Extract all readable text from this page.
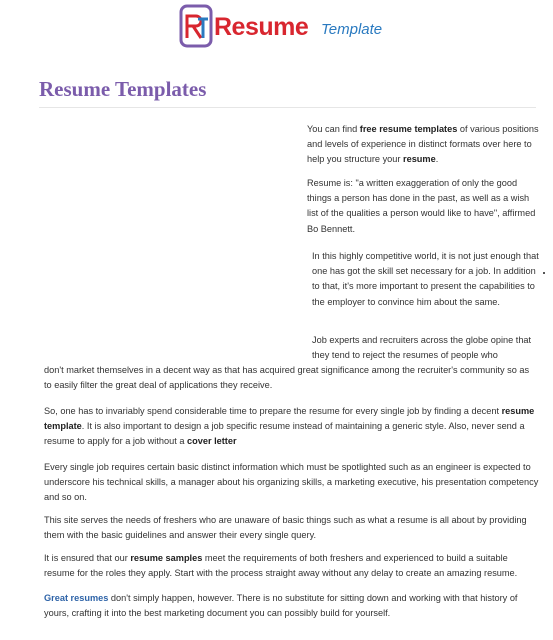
Resume Template
Resume Templates

You can find free resume templates of various positions and levels of experience in distinct formats over here to help you structure your resume.

Resume is: "a written exaggeration of only the good things a person has done in the past, as well as a wish list of the qualities a person would like to have", affirmed Bo Bennett.

In this highly competitive world, it is not just enough that one has got the skill set necessary for a job. In addition to that, it's more important to present the capabilities to the employer to convince him about the same.

Job experts and recruiters across the globe opine that they tend to reject the resumes of people who

don't market themselves in a decent way as that has acquired great significance among the recruiter's community so as to easily filter the great deal of applications they receive.

So, one has to invariably spend considerable time to prepare the resume for every single job by finding a decent resume template. It is also important to design a job specific resume instead of maintaining a generic style. Also, never send a resume to apply for a job without a cover letter

Every single job requires certain basic distinct information which must be spotlighted such as an engineer is expected to underscore his technical skills, a manager about his organizing skills, a marketing executive, his presentation competency and so on.

This site serves the needs of freshers who are unaware of basic things such as what a resume is all about by providing them with the basic guidelines and answer their every single query.

It is ensured that our resume samples meet the requirements of both freshers and experienced to build a suitable resume for the roles they apply. Start with the process straight away without any delay to create an amazing resume.

Great resumes don't simply happen, however. There is no substitute for sitting down and working with that history of yours, crafting it into the best marketing document you can possibly build for yourself.
